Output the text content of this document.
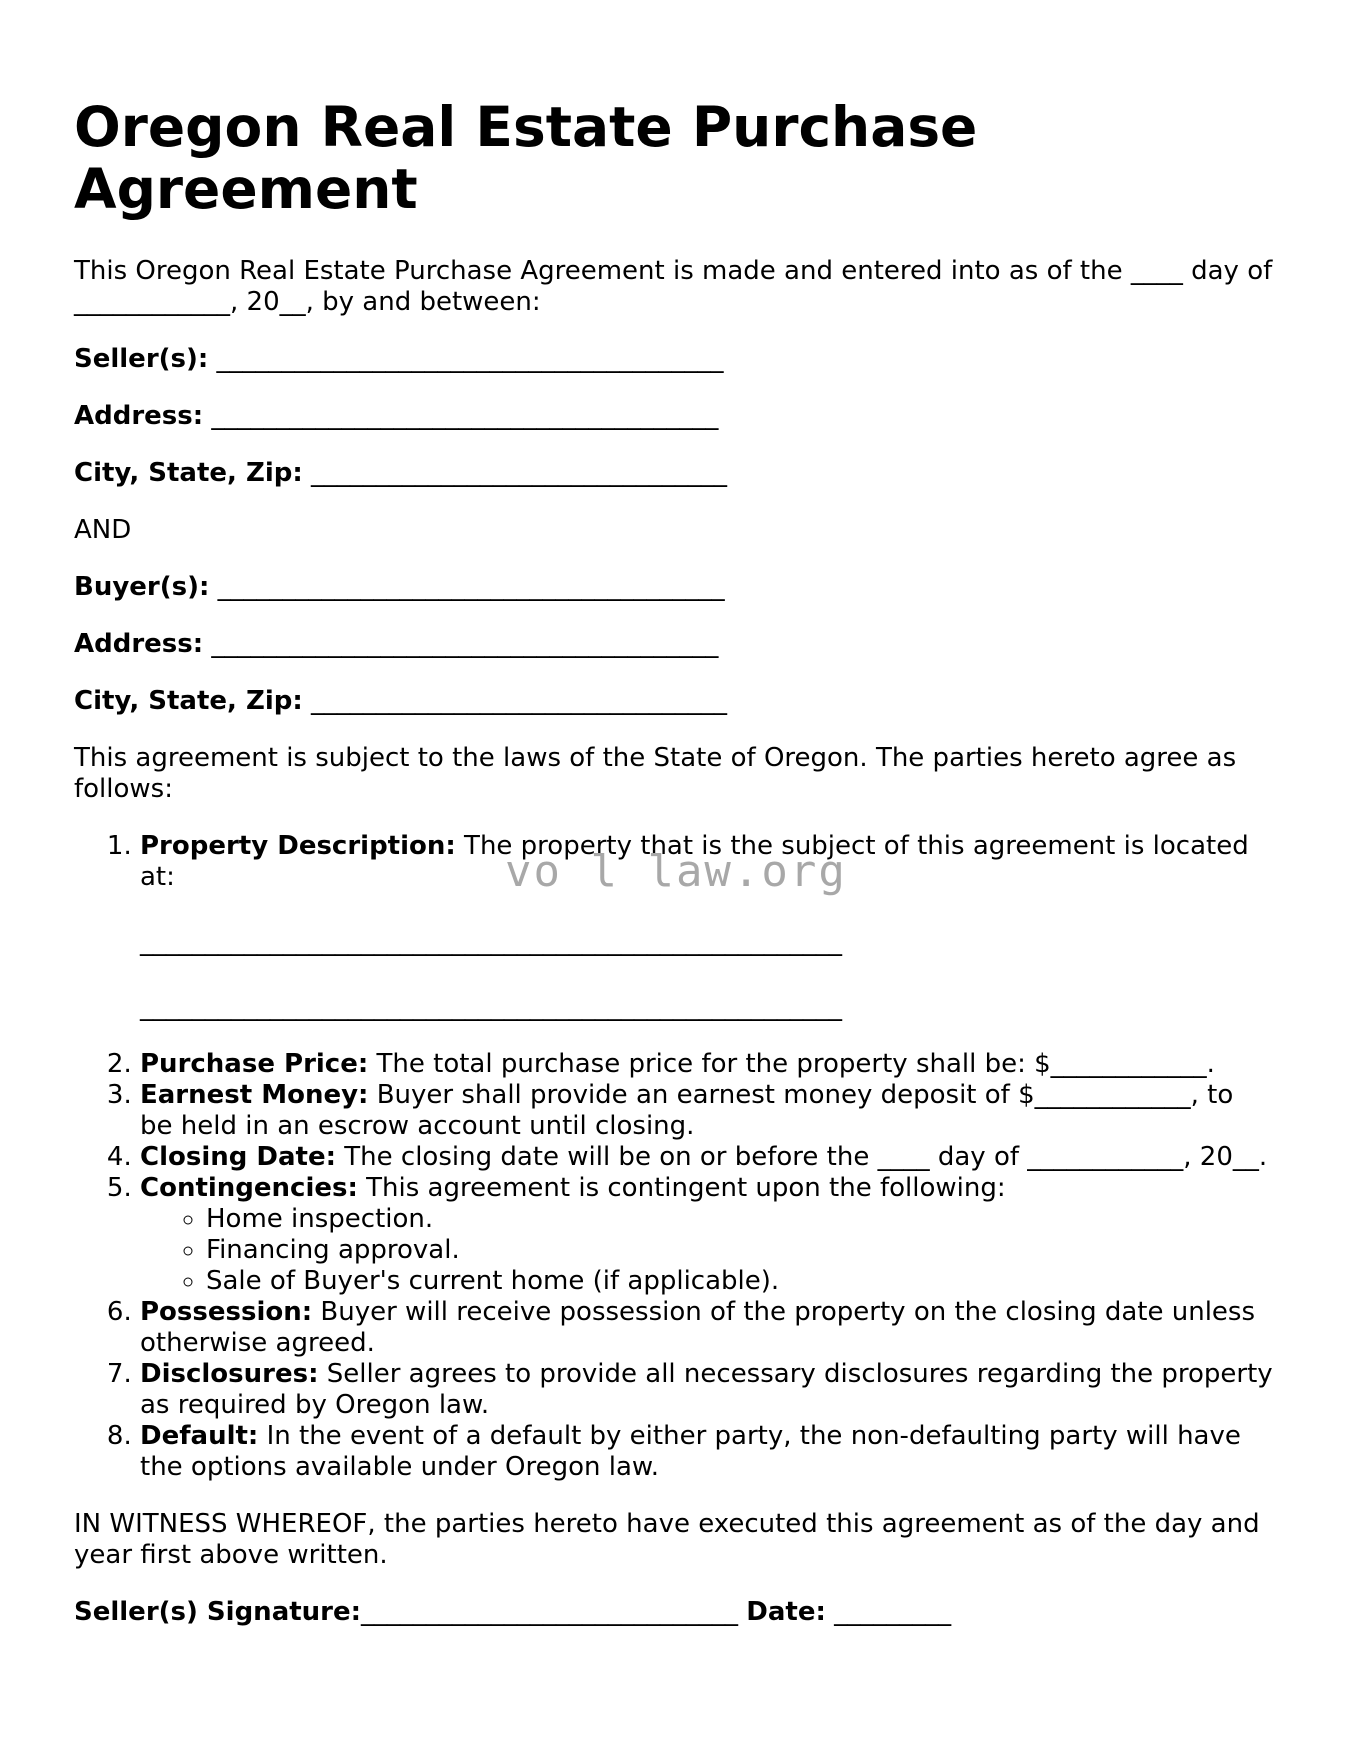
Oregon Real Estate Purchase Agreement

This Oregon Real Estate Purchase Agreement is made and entered into as of the ____ day of ____________, 20__, by and between:

Seller(s): _______________________________________
Address: _______________________________________
City, State, Zip: ________________________________

AND

Buyer(s): _______________________________________
Address: _______________________________________
City, State, Zip: ________________________________

This agreement is subject to the laws of the State of Oregon. The parties hereto agree as follows:

1. Property Description: The property that is the subject of this agreement is located at:
______________________________________________________
______________________________________________________
2. Purchase Price: The total purchase price for the property shall be: $____________.
3. Earnest Money: Buyer shall provide an earnest money deposit of $____________, to be held in an escrow account until closing.
4. Closing Date: The closing date will be on or before the ____ day of ____________, 20__.
5. Contingencies: This agreement is contingent upon the following:
◦ Home inspection.
◦ Financing approval.
◦ Sale of Buyer's current home (if applicable).
6. Possession: Buyer will receive possession of the property on the closing date unless otherwise agreed.
7. Disclosures: Seller agrees to provide all necessary disclosures regarding the property as required by Oregon law.
8. Default: In the event of a default by either party, the non-defaulting party will have the options available under Oregon law.

IN WITNESS WHEREOF, the parties hereto have executed this agreement as of the day and year first above written.

Seller(s) Signature:_____________________________ Date: _________
vo l law.org
